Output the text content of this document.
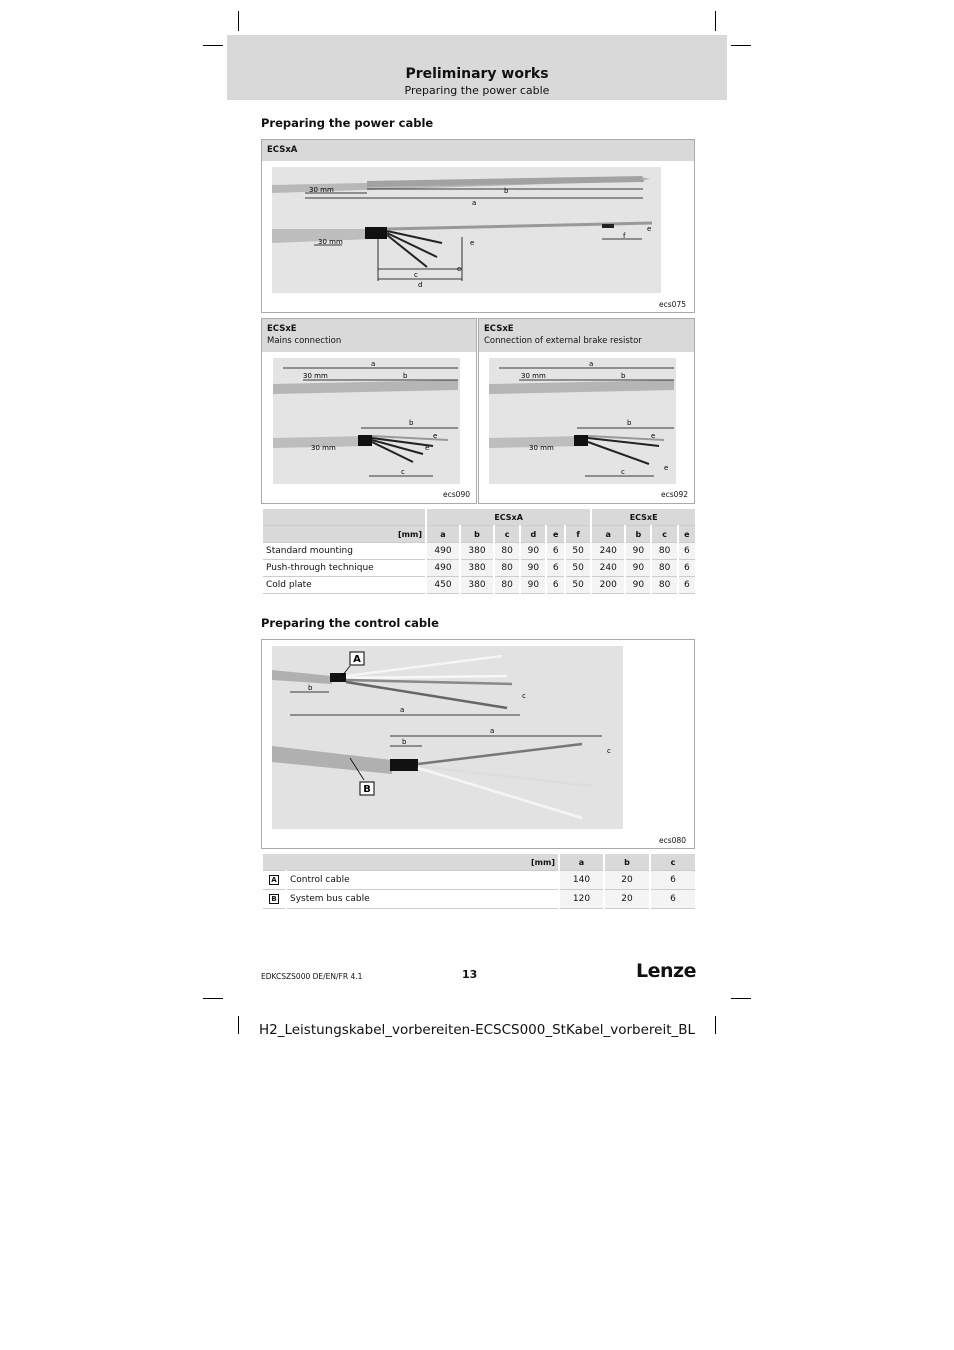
Preliminary works
Preparing the power cable
Preparing the power cable
ECSxA
30 mm	b
a
30 mm	e
e
c
d
f
e
ecs075
ECSxE
Mains connection
a
30 mm	b
b
30 mm
e
e
c
ecs090
ECSxE
Connection of external brake resistor
a
30 mm	b
b
30 mm
e
e
c
ecs092
	ECSxA						ECSxE			
[mm]	a	b	c	d	e	f	a	b	c	e
Standard mounting	490	380	80	90	6	50	240	90	80	6
Push-through technique	490	380	80	90	6	50	240	90	80	6
Cold plate	450	380	80	90	6	50	200	90	80	6
Preparing the control cable
b
a
c
a
b
c
A
B
ecs080
[mm]		a	b	c
A	Control cable	140	20	6
B	System bus cable	120	20	6
EDKCSZS000 DE/EN/FR 4.1	13	Lenze
H2_Leistungskabel_vorbereiten-ECSCS000_StKabel_vorbereit_BL
